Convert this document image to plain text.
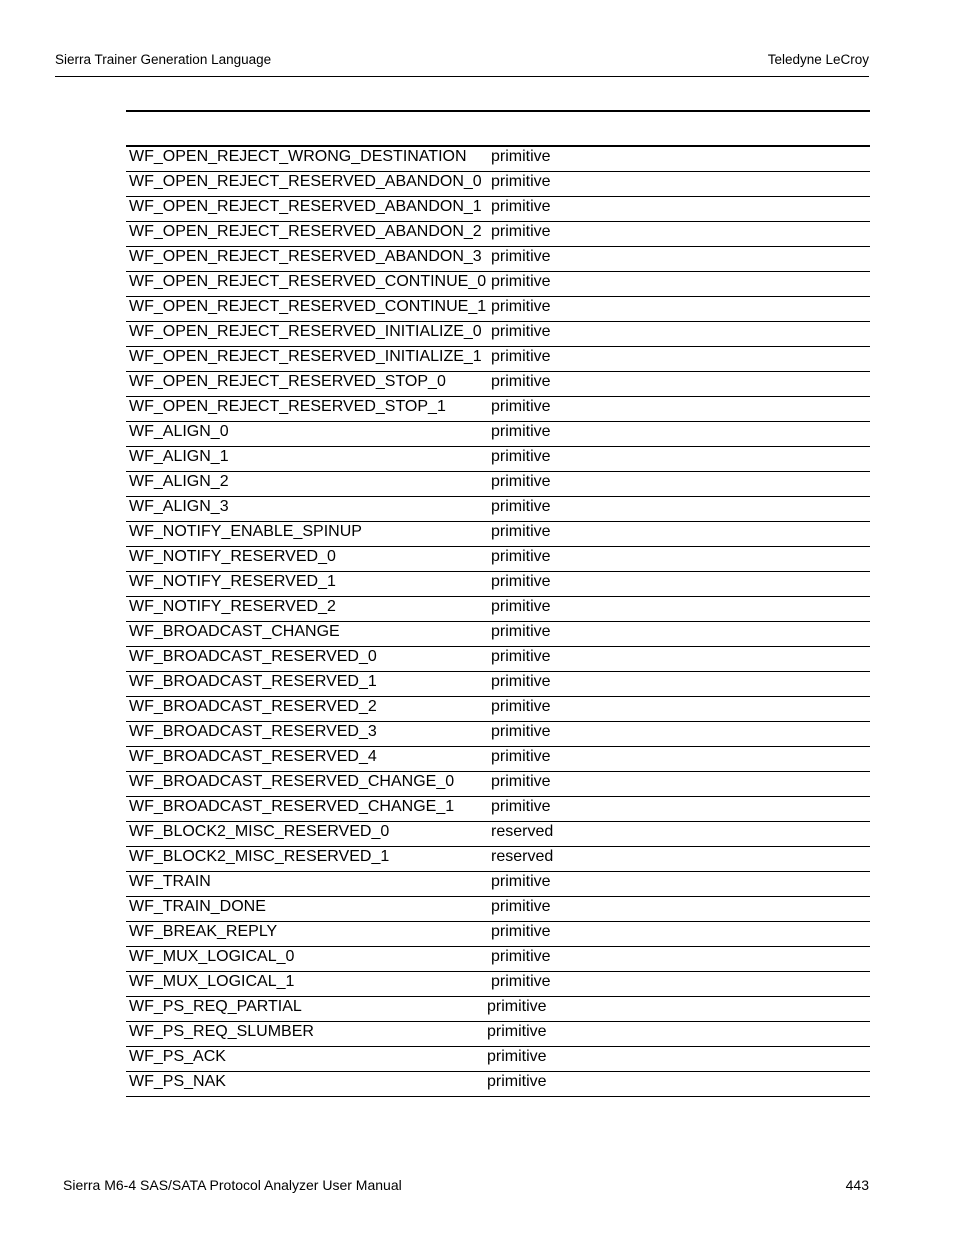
Sierra Trainer Generation Language	Teledyne LeCroy
WF_OPEN_REJECT_WRONG_DESTINATION	primitive
WF_OPEN_REJECT_RESERVED_ABANDON_0	primitive
WF_OPEN_REJECT_RESERVED_ABANDON_1	primitive
WF_OPEN_REJECT_RESERVED_ABANDON_2	primitive
WF_OPEN_REJECT_RESERVED_ABANDON_3	primitive
WF_OPEN_REJECT_RESERVED_CONTINUE_0	primitive
WF_OPEN_REJECT_RESERVED_CONTINUE_1	primitive
WF_OPEN_REJECT_RESERVED_INITIALIZE_0	primitive
WF_OPEN_REJECT_RESERVED_INITIALIZE_1	primitive
WF_OPEN_REJECT_RESERVED_STOP_0	primitive
WF_OPEN_REJECT_RESERVED_STOP_1	primitive
WF_ALIGN_0	primitive
WF_ALIGN_1	primitive
WF_ALIGN_2	primitive
WF_ALIGN_3	primitive
WF_NOTIFY_ENABLE_SPINUP	primitive
WF_NOTIFY_RESERVED_0	primitive
WF_NOTIFY_RESERVED_1	primitive
WF_NOTIFY_RESERVED_2	primitive
WF_BROADCAST_CHANGE	primitive
WF_BROADCAST_RESERVED_0	primitive
WF_BROADCAST_RESERVED_1	primitive
WF_BROADCAST_RESERVED_2	primitive
WF_BROADCAST_RESERVED_3	primitive
WF_BROADCAST_RESERVED_4	primitive
WF_BROADCAST_RESERVED_CHANGE_0	primitive
WF_BROADCAST_RESERVED_CHANGE_1	primitive
WF_BLOCK2_MISC_RESERVED_0	reserved
WF_BLOCK2_MISC_RESERVED_1	reserved
WF_TRAIN	primitive
WF_TRAIN_DONE	primitive
WF_BREAK_REPLY	primitive
WF_MUX_LOGICAL_0	primitive
WF_MUX_LOGICAL_1	primitive
WF_PS_REQ_PARTIAL	primitive
WF_PS_REQ_SLUMBER	primitive
WF_PS_ACK	primitive
WF_PS_NAK	primitive
Sierra M6-4 SAS/SATA Protocol Analyzer User Manual	443
